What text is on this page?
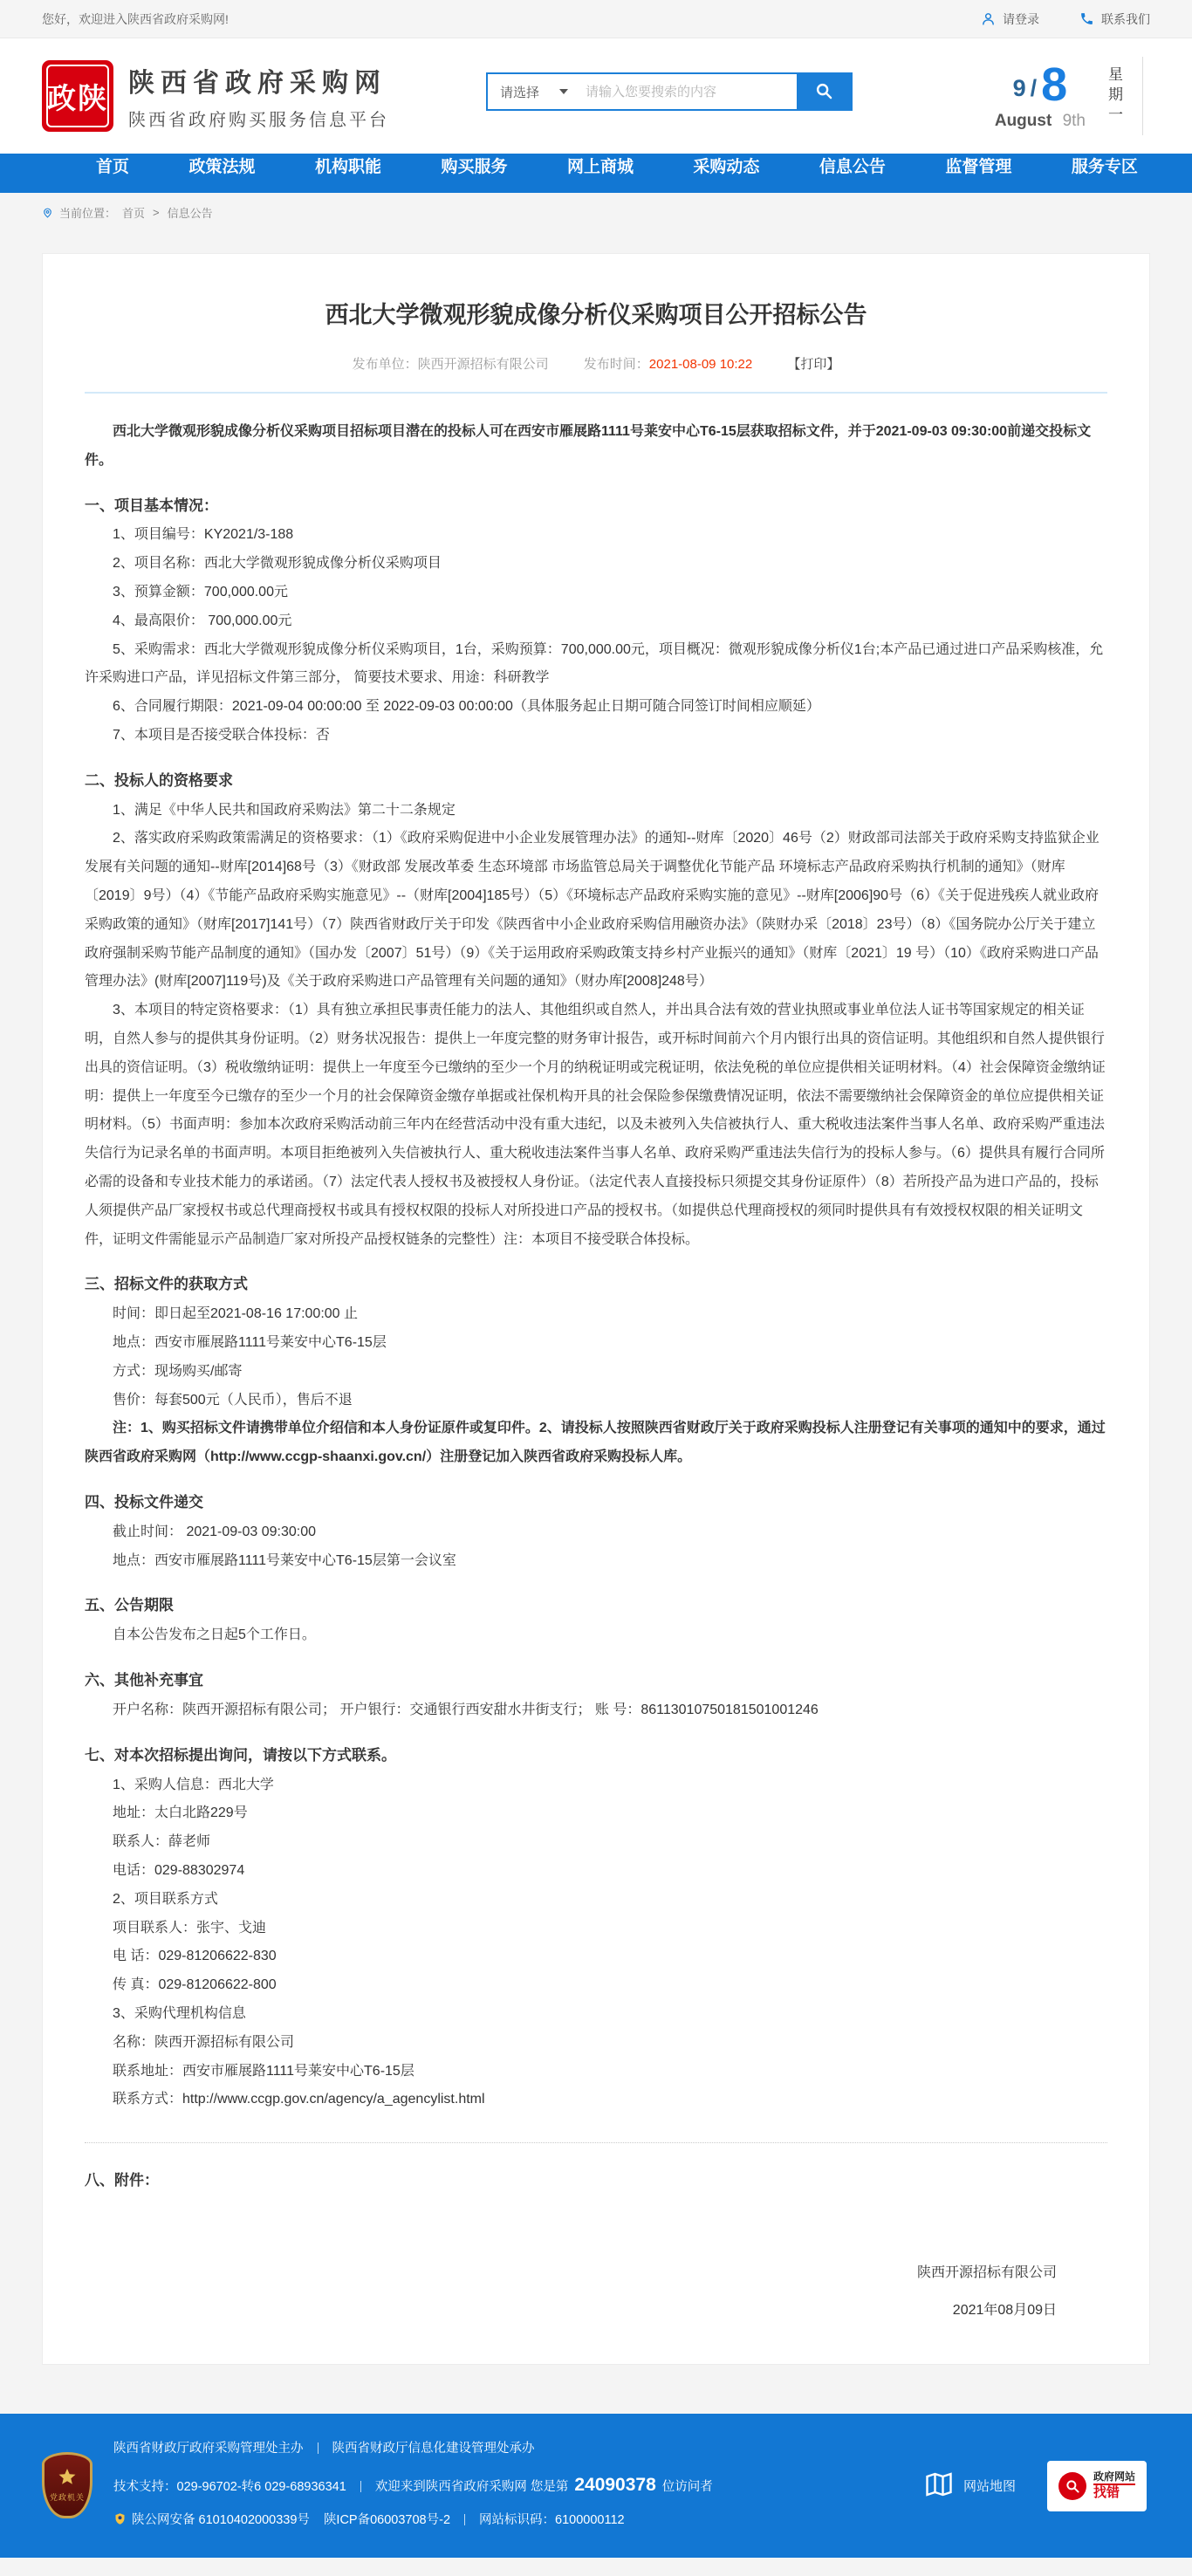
您好，欢迎进入陕西省政府采购网!	请登录	联系我们
政陕 陕西省政府采购网
陕西省政府购买服务信息平台
请选择
请输入您要搜索的内容	9 / 8
August 9th 星期一
首页	政策法规	机构职能	购买服务	网上商城	采购动态	信息公告	监督管理	服务专区
当前位置： 首页 > 信息公告
西北大学微观形貌成像分析仪采购项目公开招标公告
发布单位：陕西开源招标有限公司	发布时间：2021-08-09 10:22	【打印】

西北大学微观形貌成像分析仪采购项目招标项目潜在的投标人可在西安市雁展路1111号莱安中心T6-15层获取招标文件，并于2021-09-03 09:30:00前递交投标文件。

一、项目基本情况：

1、项目编号：KY2021/3-188

2、项目名称：西北大学微观形貌成像分析仪采购项目

3、预算金额：700,000.00元

4、最高限价： 700,000.00元

5、采购需求：西北大学微观形貌成像分析仪采购项目，1台，采购预算：700,000.00元，项目概况：微观形貌成像分析仪1台;本产品已通过进口产品采购核准，允许采购进口产品，详见招标文件第三部分， 简要技术要求、用途：科研教学

6、合同履行期限：2021-09-04 00:00:00 至 2022-09-03 00:00:00（具体服务起止日期可随合同签订时间相应顺延）

7、本项目是否接受联合体投标：否

二、投标人的资格要求

1、满足《中华人民共和国政府采购法》第二十二条规定

2、落实政府采购政策需满足的资格要求：（1）《政府采购促进中小企业发展管理办法》的通知--财库〔2020〕46号（2）财政部司法部关于政府采购支持监狱企业发展有关问题的通知--财库[2014]68号（3）《财政部 发展改革委 生态环境部 市场监管总局关于调整优化节能产品 环境标志产品政府采购执行机制的通知》（财库〔2019〕9号）（4）《节能产品政府采购实施意见》--（财库[2004]185号）（5）《环境标志产品政府采购实施的意见》--财库[2006]90号（6）《关于促进残疾人就业政府采购政策的通知》（财库[2017]141号）（7）陕西省财政厅关于印发《陕西省中小企业政府采购信用融资办法》（陕财办采〔2018〕23号）（8）《国务院办公厅关于建立政府强制采购节能产品制度的通知》（国办发〔2007〕51号）（9）《关于运用政府采购政策支持乡村产业振兴的通知》（财库〔2021〕19 号）（10）《政府采购进口产品管理办法》(财库[2007]119号)及《关于政府采购进口产品管理有关问题的通知》（财办库[2008]248号）

3、本项目的特定资格要求：（1）具有独立承担民事责任能力的法人、其他组织或自然人，并出具合法有效的营业执照或事业单位法人证书等国家规定的相关证明，自然人参与的提供其身份证明。（2）财务状况报告：提供上一年度完整的财务审计报告，或开标时间前六个月内银行出具的资信证明。其他组织和自然人提供银行出具的资信证明。（3）税收缴纳证明：提供上一年度至今已缴纳的至少一个月的纳税证明或完税证明，依法免税的单位应提供相关证明材料。（4）社会保障资金缴纳证明：提供上一年度至今已缴存的至少一个月的社会保障资金缴存单据或社保机构开具的社会保险参保缴费情况证明，依法不需要缴纳社会保障资金的单位应提供相关证明材料。（5）书面声明：参加本次政府采购活动前三年内在经营活动中没有重大违纪，以及未被列入失信被执行人、重大税收违法案件当事人名单、政府采购严重违法失信行为记录名单的书面声明。本项目拒绝被列入失信被执行人、重大税收违法案件当事人名单、政府采购严重违法失信行为的投标人参与。（6）提供具有履行合同所必需的设备和专业技术能力的承诺函。（7）法定代表人授权书及被授权人身份证。（法定代表人直接投标只须提交其身份证原件）（8）若所投产品为进口产品的，投标人须提供产品厂家授权书或总代理商授权书或具有授权权限的投标人对所投进口产品的授权书。（如提供总代理商授权的须同时提供具有有效授权权限的相关证明文件，证明文件需能显示产品制造厂家对所投产品授权链条的完整性）注：本项目不接受联合体投标。

三、招标文件的获取方式

时间：即日起至2021-08-16 17:00:00 止

地点：西安市雁展路1111号莱安中心T6-15层

方式：现场购买/邮寄

售价：每套500元（人民币），售后不退

注：1、购买招标文件请携带单位介绍信和本人身份证原件或复印件。2、请投标人按照陕西省财政厅关于政府采购投标人注册登记有关事项的通知中的要求，通过陕西省政府采购网（http://www.ccgp-shaanxi.gov.cn/）注册登记加入陕西省政府采购投标人库。

四、投标文件递交

截止时间： 2021-09-03 09:30:00

地点：西安市雁展路1111号莱安中心T6-15层第一会议室

五、公告期限

自本公告发布之日起5个工作日。

六、其他补充事宜

开户名称：陕西开源招标有限公司； 开户银行：交通银行西安甜水井街支行； 账 号：86113010750181501001246

七、对本次招标提出询问，请按以下方式联系。

1、采购人信息：西北大学

地址：太白北路229号

联系人：薛老师

电话：029-88302974

2、项目联系方式

项目联系人：张宇、戈迪

电 话：029-81206622-830

传 真：029-81206622-800

3、采购代理机构信息

名称：陕西开源招标有限公司

联系地址：西安市雁展路1111号莱安中心T6-15层

联系方式：http://www.ccgp.gov.cn/agency/a_agencylist.html

八、附件：

陕西开源招标有限公司

2021年08月09日

党政机关
陕西省财政厅政府采购管理处主办 陕西省财政厅信息化建设管理处承办
技术支持：029-96702-转6 029-68936341 欢迎来到陕西省政府采购网 您是第 24090378 位访问者
陕公网安备 61010402000339号 陕ICP备06003708号-2 网站标识码：6100000112
网站地图
政府网站
找错
